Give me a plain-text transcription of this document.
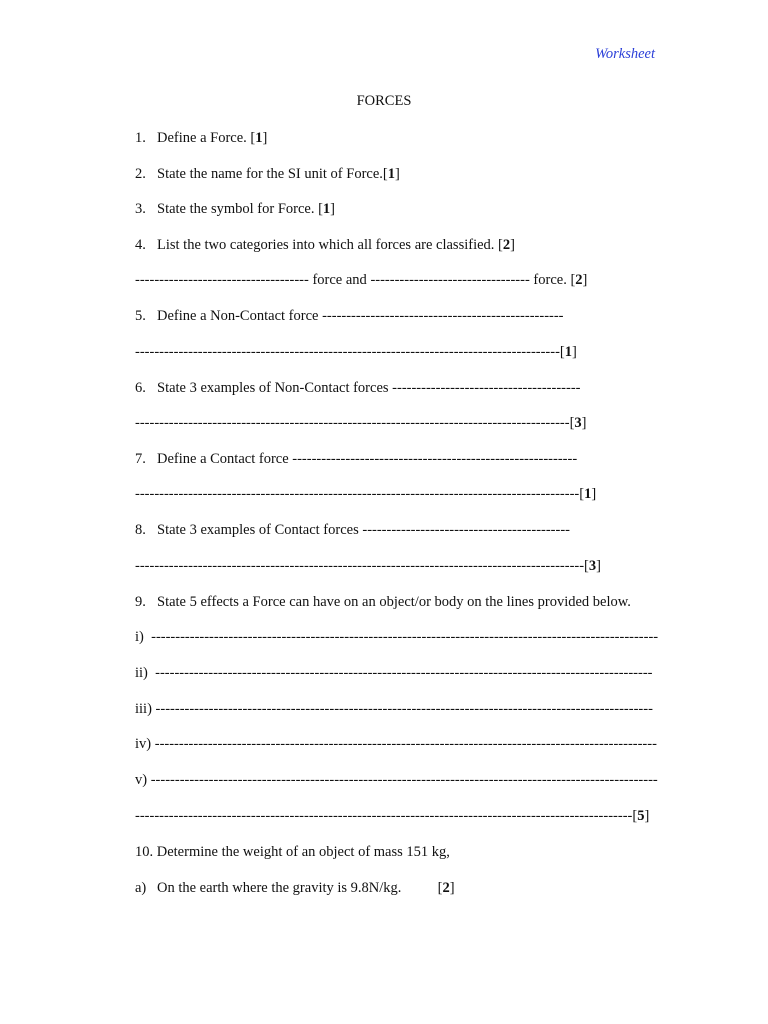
Worksheet
FORCES
1. Define a Force. [1]
2. State the name for the SI unit of Force.[1]
3. State the symbol for Force. [1]
4. List the two categories into which all forces are classified. [2]
------------------------------------ force and --------------------------------- force. [2]
5. Define a Non-Contact force --------------------------------------------------
----------------------------------------------------------------------------------------[1]
6. State 3 examples of Non-Contact forces ---------------------------------------
------------------------------------------------------------------------------------------[3]
7. Define a Contact force -----------------------------------------------------------
--------------------------------------------------------------------------------------------[1]
8. State 3 examples of Contact forces -------------------------------------------
---------------------------------------------------------------------------------------------[3]
9. State 5 effects a Force can have on an object/or body on the lines provided below.
i)  ---------------------------------------------------------------------------------------------------------
ii)  -------------------------------------------------------------------------------------------------------
iii) -------------------------------------------------------------------------------------------------------
iv) --------------------------------------------------------------------------------------------------------
v) ---------------------------------------------------------------------------------------------------------
-------------------------------------------------------------------------------------------------------[5]
10. Determine the weight of an object of mass 151 kg,
a) On the earth where the gravity is 9.8N/kg.          [2]
